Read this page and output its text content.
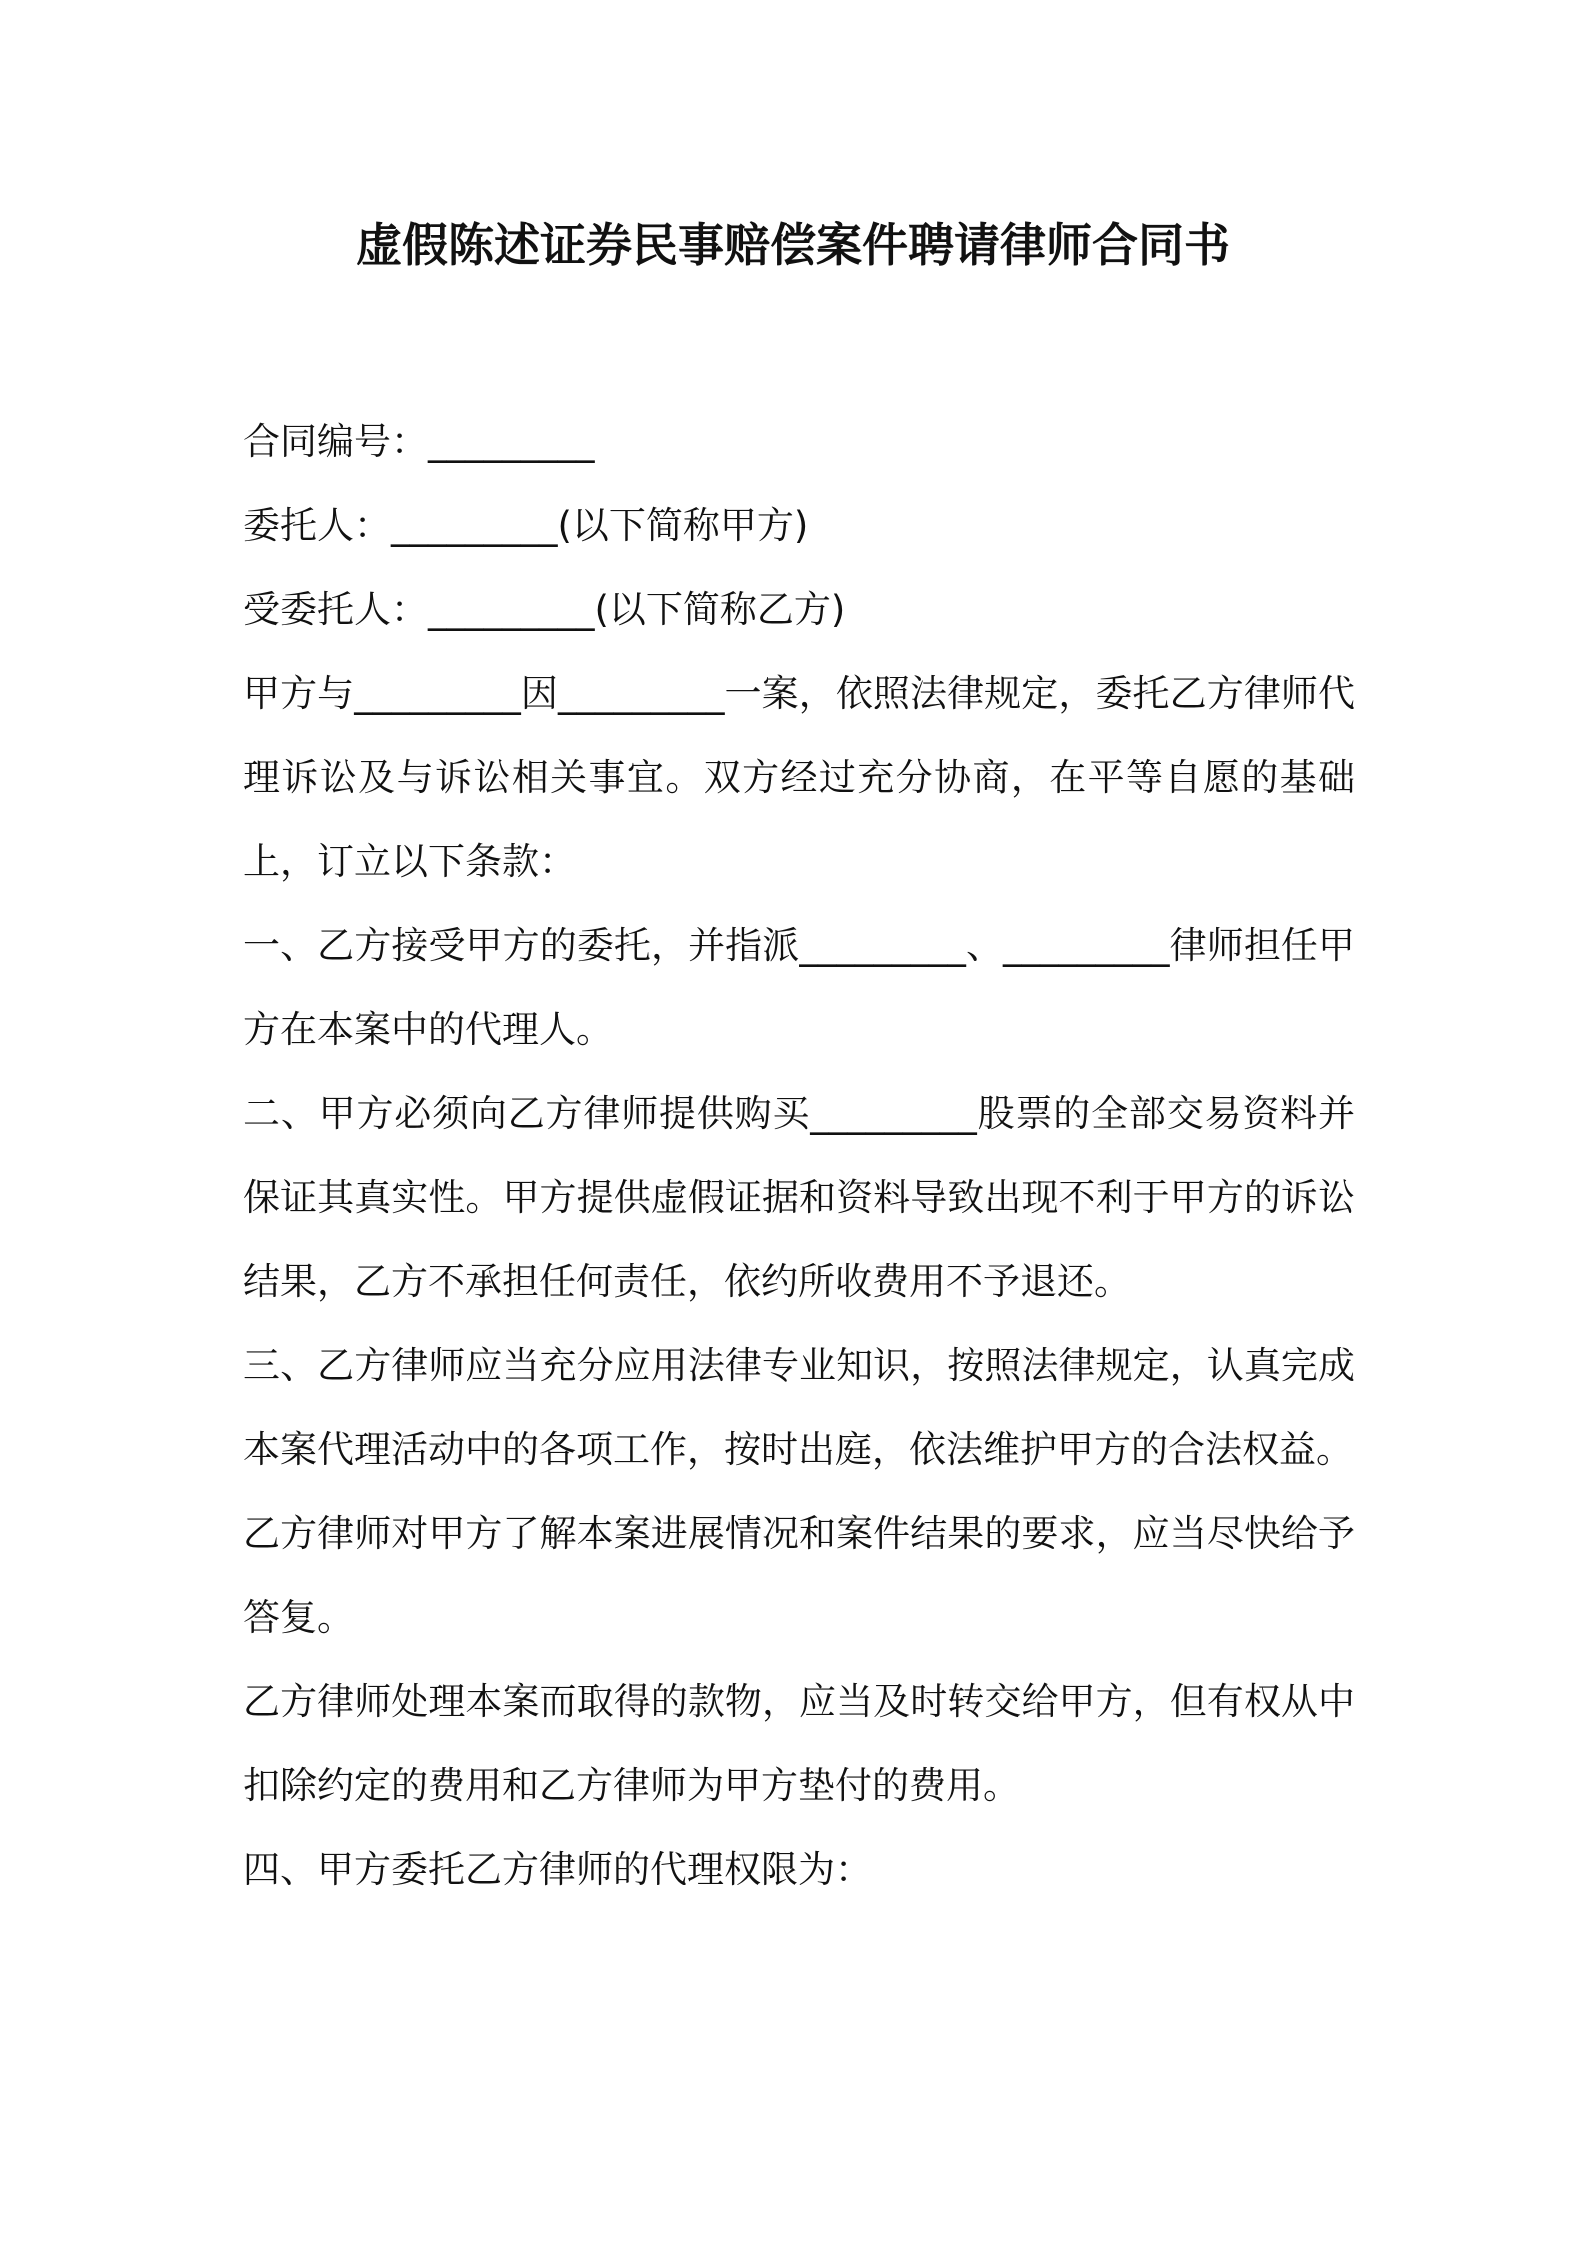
虚假陈述证券民事赔偿案件聘请律师合同书
合同编号：_________
委托人：_________(以下简称甲方)
受委托人：_________(以下简称乙方)
甲方与_________因_________一案，依照法律规定，委托乙方律师代理诉讼及与诉讼相关事宜。双方经过充分协商，在平等自愿的基础上，订立以下条款：
一、乙方接受甲方的委托，并指派_________、_________律师担任甲方在本案中的代理人。
二、甲方必须向乙方律师提供购买_________股票的全部交易资料并保证其真实性。甲方提供虚假证据和资料导致出现不利于甲方的诉讼结果，乙方不承担任何责任，依约所收费用不予退还。
三、乙方律师应当充分应用法律专业知识，按照法律规定，认真完成本案代理活动中的各项工作，按时出庭，依法维护甲方的合法权益。
乙方律师对甲方了解本案进展情况和案件结果的要求，应当尽快给予答复。
乙方律师处理本案而取得的款物，应当及时转交给甲方，但有权从中扣除约定的费用和乙方律师为甲方垫付的费用。
四、甲方委托乙方律师的代理权限为：
